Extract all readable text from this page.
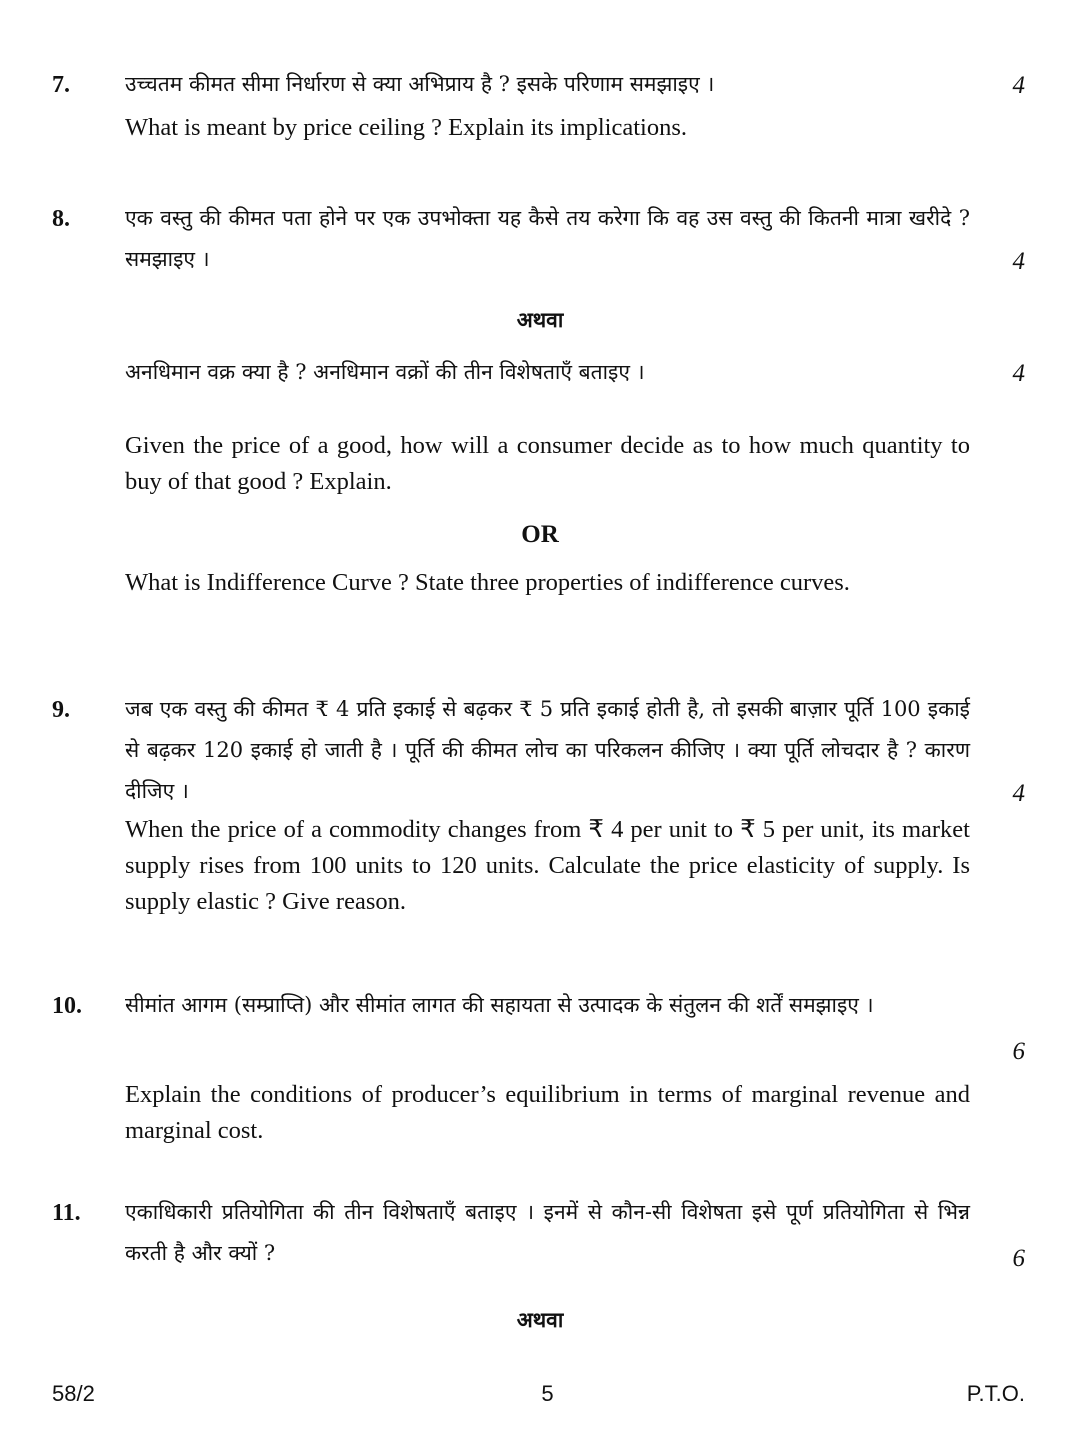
7.	उच्चतम कीमत सीमा निर्धारण से क्या अभिप्राय है ? इसके परिणाम समझाइए ।	4
What is meant by price ceiling ? Explain its implications.
8.	एक वस्तु की कीमत पता होने पर एक उपभोक्ता यह कैसे तय करेगा कि वह उस वस्तु की कितनी मात्रा खरीदे ? समझाइए ।	4
अथवा
अनधिमान वक्र क्या है ? अनधिमान वक्रों की तीन विशेषताएँ बताइए ।	4
Given the price of a good, how will a consumer decide as to how much quantity to buy of that good ? Explain.
OR
What is Indifference Curve ? State three properties of indifference curves.
9.	जब एक वस्तु की कीमत ₹ 4 प्रति इकाई से बढ़कर ₹ 5 प्रति इकाई होती है, तो इसकी बाज़ार पूर्ति 100 इकाई से बढ़कर 120 इकाई हो जाती है । पूर्ति की कीमत लोच का परिकलन कीजिए । क्या पूर्ति लोचदार है ? कारण दीजिए ।	4
When the price of a commodity changes from ₹ 4 per unit to ₹ 5 per unit, its market supply rises from 100 units to 120 units. Calculate the price elasticity of supply. Is supply elastic ? Give reason.
10. सीमांत आगम (सम्प्राप्ति) और सीमांत लागत की सहायता से उत्पादक के संतुलन की शर्तें समझाइए ।
6
Explain the conditions of producer’s equilibrium in terms of marginal revenue and marginal cost.
11. एकाधिकारी प्रतियोगिता की तीन विशेषताएँ बताइए । इनमें से कौन-सी विशेषता इसे पूर्ण प्रतियोगिता से भिन्न करती है और क्यों ?	6
अथवा
58/2	5	P.T.O.
